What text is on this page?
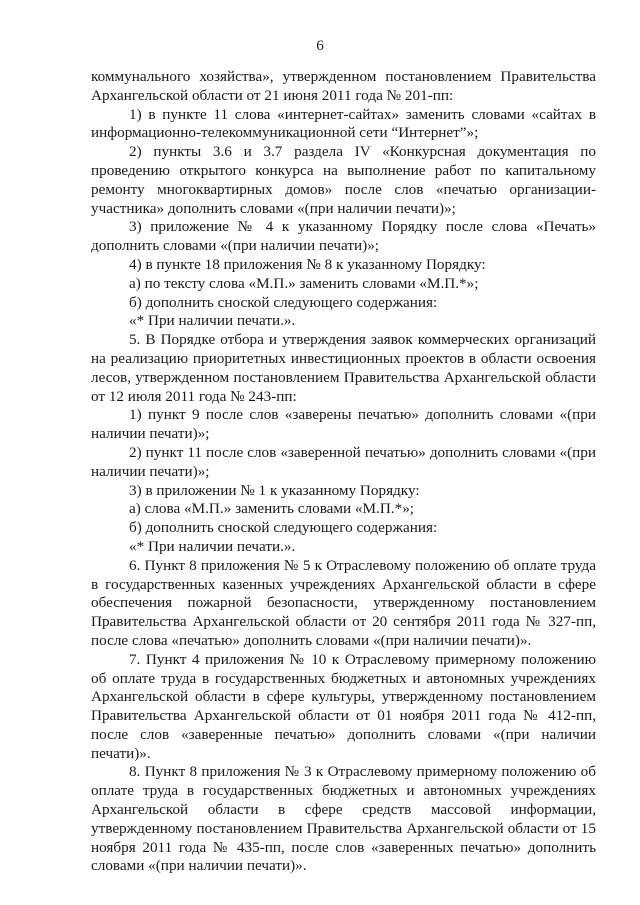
6

коммунального хозяйства», утвержденном постановлением Правительства Архангельской области от 21 июня 2011 года № 201-пп:

1) в пункте 11 слова «интернет-сайтах» заменить словами «сайтах в информационно-телекоммуникационной сети “Интернет”»;

2) пункты 3.6 и 3.7 раздела IV «Конкурсная документация по проведению открытого конкурса на выполнение работ по капитальному ремонту многоквартирных домов» после слов «печатью организации-участника» дополнить словами «(при наличии печати)»;

3) приложение № 4 к указанному Порядку после слова «Печать» дополнить словами «(при наличии печати)»;

4) в пункте 18 приложения № 8 к указанному Порядку:

а) по тексту слова «М.П.» заменить словами «М.П.*»;

б) дополнить сноской следующего содержания:

«* При наличии печати.».

5. В Порядке отбора и утверждения заявок коммерческих организаций на реализацию приоритетных инвестиционных проектов в области освоения лесов, утвержденном постановлением Правительства Архангельской области от 12 июля 2011 года № 243-пп:

1) пункт 9 после слов «заверены печатью» дополнить словами «(при наличии печати)»;

2) пункт 11 после слов «заверенной печатью» дополнить словами «(при наличии печати)»;

3) в приложении № 1 к указанному Порядку:

а) слова «М.П.» заменить словами «М.П.*»;

б) дополнить сноской следующего содержания:

«* При наличии печати.».

6. Пункт 8 приложения № 5 к Отраслевому положению об оплате труда в государственных казенных учреждениях Архангельской области в сфере обеспечения пожарной безопасности, утвержденному постановлением Правительства Архангельской области от 20 сентября 2011 года № 327-пп, после слова «печатью» дополнить словами «(при наличии печати)».

7. Пункт 4 приложения № 10 к Отраслевому примерному положению об оплате труда в государственных бюджетных и автономных учреждениях Архангельской области в сфере культуры, утвержденному постановлением Правительства Архангельской области от 01 ноября 2011 года № 412-пп, после слов «заверенные печатью» дополнить словами «(при наличии печати)».

8. Пункт 8 приложения № 3 к Отраслевому примерному положению об оплате труда в государственных бюджетных и автономных учреждениях Архангельской области в сфере средств массовой информации, утвержденному постановлением Правительства Архангельской области от 15 ноября 2011 года № 435-пп, после слов «заверенных печатью» дополнить словами «(при наличии печати)».
